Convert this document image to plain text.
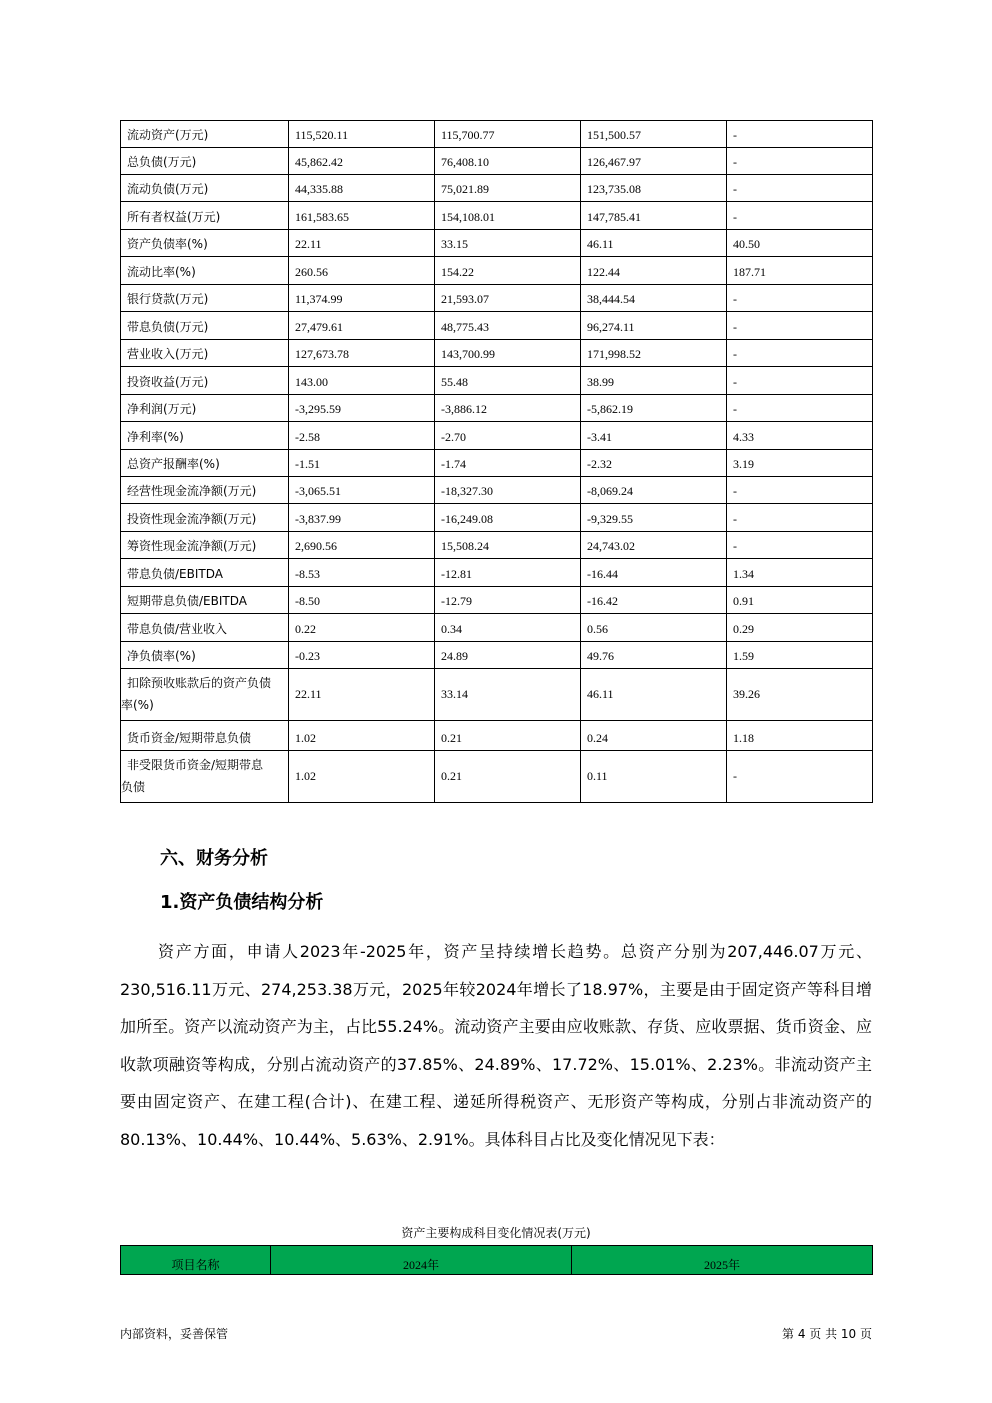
流动资产(万元)	115,520.11	115,700.77	151,500.57	-
总负债(万元)	45,862.42	76,408.10	126,467.97	-
流动负债(万元)	44,335.88	75,021.89	123,735.08	-
所有者权益(万元)	161,583.65	154,108.01	147,785.41	-
资产负债率(%)	22.11	33.15	46.11	40.50
流动比率(%)	260.56	154.22	122.44	187.71
银行贷款(万元)	11,374.99	21,593.07	38,444.54	-
带息负债(万元)	27,479.61	48,775.43	96,274.11	-
营业收入(万元)	127,673.78	143,700.99	171,998.52	-
投资收益(万元)	143.00	55.48	38.99	-
净利润(万元)	-3,295.59	-3,886.12	-5,862.19	-
净利率(%)	-2.58	-2.70	-3.41	4.33
总资产报酬率(%)	-1.51	-1.74	-2.32	3.19
经营性现金流净额(万元)	-3,065.51	-18,327.30	-8,069.24	-
投资性现金流净额(万元)	-3,837.99	-16,249.08	-9,329.55	-
筹资性现金流净额(万元)	2,690.56	15,508.24	24,743.02	-
带息负债/EBITDA	-8.53	-12.81	-16.44	1.34
短期带息负债/EBITDA	-8.50	-12.79	-16.42	0.91
带息负债/营业收入	0.22	0.34	0.56	0.29
净负债率(%)	-0.23	24.89	49.76	1.59

扣除预收账款后的资产负债
率(%)	22.11	33.14	46.11	39.26
货币资金/短期带息负债	1.02	0.21	0.24	1.18

非受限货币资金/短期带息
负债	1.02	0.21	0.11	-
六、财务分析
1.资产负债结构分析

资产方面，申请人2023年-2025年，资产呈持续增长趋势。总资产分别为207,446.07万元、230,516.11万元、274,253.38万元，2025年较2024年增长了18.97%，主要是由于固定资产等科目增加所至。资产以流动资产为主，占比55.24%。流动资产主要由应收账款、存货、应收票据、货币资金、应收款项融资等构成，分别占流动资产的37.85%、24.89%、17.72%、15.01%、2.23%。非流动资产主要由固定资产、在建工程(合计)、在建工程、递延所得税资产、无形资产等构成，分别占非流动资产的80.13%、10.44%、10.44%、5.63%、2.91%。具体科目占比及变化情况见下表：

资产主要构成科目变化情况表(万元)
项目名称	2024年	2025年
内部资料，妥善保管	第 4 页 共 10 页
